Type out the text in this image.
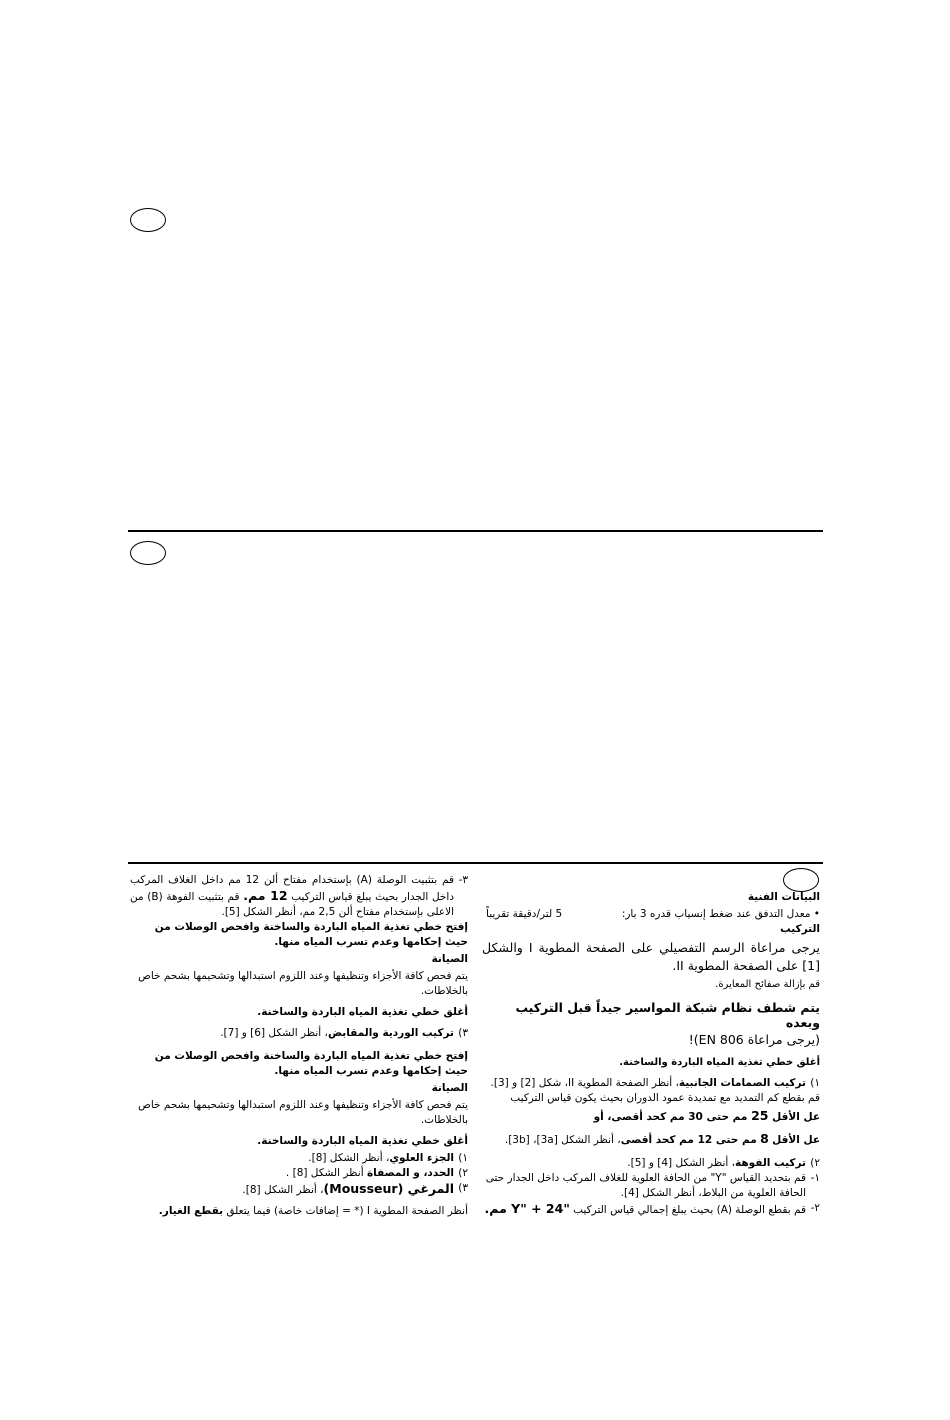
البيانات الفنية

• معدل التدفق عند ضغط إنسياب قدره 3 بار:
5 لتر/دقيقة تقريباً

التركيب

يرجى مراعاة الرسم التفصيلي على الصفحة المطوية I والشكل [1] على الصفحة المطوية II.

قم بإزالة صفائح المعايرة.

يتم شطف نظام شبكة المواسير جيداً قبل التركيب وبعده

(يرجى مراعاة EN 806)!

أغلق خطي تغذية المياه الباردة والساخنة.

١)
تركيب الصمامات الجانبية، أنظر الصفحة المطوية II، شكل [2] و [3].

قم بقطع كم التمديد مع تمديدة عمود الدوران بحيث يكون قياس التركيب

عل الأقل 25 مم حتى 30 مم كحد أقصى، أو

عل الأقل 8 مم حتى 12 مم كحد أقصى، أنظر الشكل [3a]، [3b].

٢)
تركيب الفوهة، أنظر الشكل [4] و [5].
١-
قم بتحديد القياس "Y" من الحافة العلوية للغلاف المركب داخل الجدار حتى الحافة العلوية من البلاط، أنظر الشكل [4].
٢-
قم بقطع الوصلة (A) بحيث يبلغ إجمالي قياس التركيب "Y" + 24 مم.
٣-
قم بتثبيت الوصلة (A) بإستخدام مفتاح ألن 12 مم داخل الغلاف المركب داخل الجدار بحيث يبلغ قياس التركيب 12 مم. قم بتثبيت الفوهة (B) من الاعلى بإستخدام مفتاح ألن 2,5 مم، أنظر الشكل [5].

إفتح خطي تغذية المياه الباردة والساخنة وافحص الوصلات من حيث إحكامها وعدم تسرب المياه منها.

الصيانة

يتم فحص كافة الأجزاء وتنظيفها وعند اللزوم استبدالها وتشحيمها بشحم خاص بالخلاطات.

أغلق خطي تغذية المياه الباردة والساخنة.

٣)
تركيب الوردية والمقابض، أنظر الشكل [6] و [7].

إفتح خطي تغذية المياه الباردة والساخنة وافحص الوصلات من حيث إحكامها وعدم تسرب المياه منها.

الصيانة

يتم فحص كافة الأجزاء وتنظيفها وعند اللزوم استبدالها وتشحيمها بشحم خاص بالخلاطات.

أغلق خطي تغذية المياه الباردة والساخنة.

١)
الجزء العلوي، أنظر الشكل [8].
٢)
الحدد، و المصفاة أنظر الشكل [8] .
٣)
المرغي (Mousseur)، أنظر الشكل [8].

أنظر الصفحة المطوية I (* = إضافات خاصة) فيما يتعلق بقطع الغيار.
